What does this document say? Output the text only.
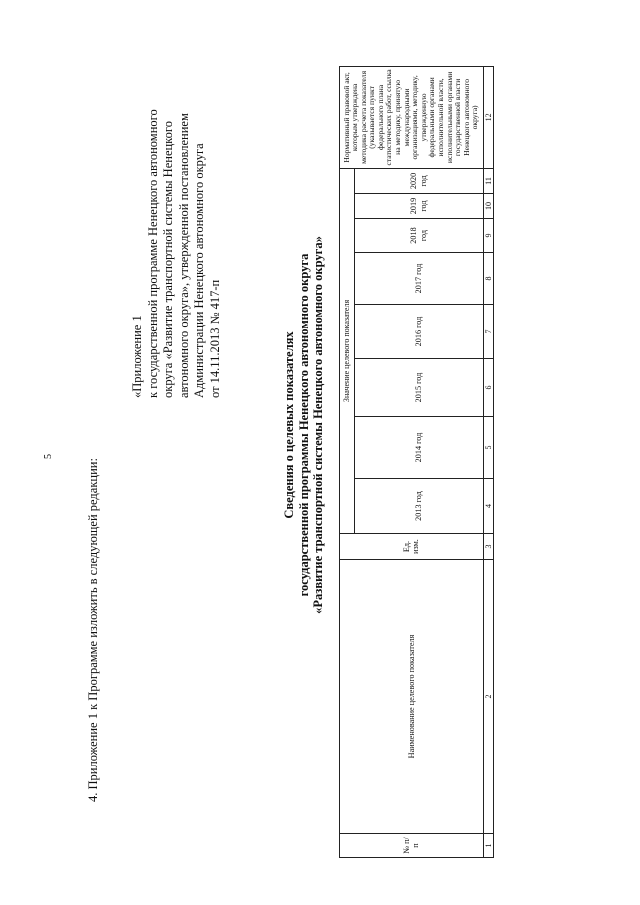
5
4. Приложение 1 к Программе изложить в следующей редакции:
«Приложение 1 к государственной программе Ненецкого автономного округа «Развитие транспортной системы Ненецкого автономного округа», утвержденной постановлением Администрации Ненецкого автономного округа от 14.11.2013 № 417-п	Сведения о целевых показателях государственной программы Ненецкого автономного округа «Развитие транспортной системы Ненецкого автономного округа»
№ п/п	Наименование целевого показателя	Ед. изм.	Значение целевого показателя								Нормативный правовой акт, которым утверждена методика расчета показателя (указывается пункт федерального плана статистических работ, ссылка на методику, принятую международными организациями, методику, утвержденную федеральными органами исполнительной власти, исполнительными органами государственной власти Ненецкого автономного округа)
			2013 год	2014 год	2015 год	2016 год	2017 год	2018 год	2019 год	2020 год	
1	2	3	4	5	6	7	8	9	10	11	12
